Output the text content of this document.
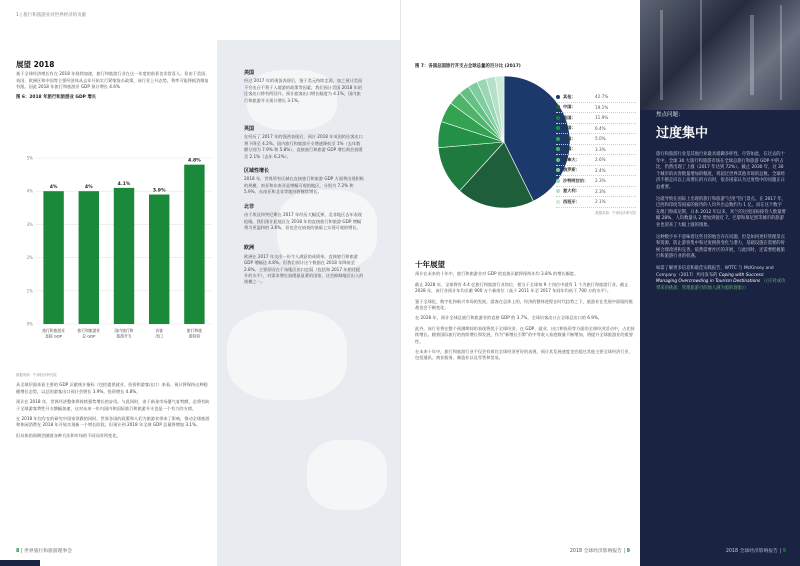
1 | 旅行和旅游业对世界经济的贡献
展望 2018

基于全球经济增长有在 2018 年持续加速，旅行和旅游行业在这一年度的前景也非常喜人。但由于美国、英国、欧洲区和中国等主要经济体从去年开始实行紧缩货币政策，该行业上升态势。利率可能将抵消维复有限。因此 2018 年旅行和旅游业 GDP 预计增长 4.6%

图 6：2018 年旅行和旅游业 GDP 增长
0%
1%
2%
3%
4%
5%
4%
旅行和旅游业
直接 GDP
4%
旅行和旅游业
总 GDP
4.1%
国内旅行和
旅游开支
3.9%
访客
出口
4.8%
旅行和旅
游投资

数据来源：牛津经济研究院

从全球层面来看主要的 GDP 贡献统计指标（包括提供就业、投资和游客出口）来看。预计将保持这种稳健增长态势，以总的游客出口预计会增长 3.9%，投资增长 4.8%。

预计在 2018 年，世界经济整体将持续强势增长的步伐。与此同时，由于新金市场暴气复特额，必将有助于全球游客费性开支额幅加速，这对未来一年内国内和国际旅行和旅游开支也是一个有力的支撑。

在 2018 年包存在的研究中国家领跌的同时，世界各国的政策和人们为旅游业带来了影响，推动全球旅游和休闲消费在 2018 年开始实现新一个增长阶段。但预计到 2018 年全球 GDP 总量将增加 3.1%。

但具体的预期会随着各种方法和市场的不同而有所变化。

美国

经过 2017 年的现货表现后，鉴于美元持续走弱，加之预计美国不会出台不利于入境游的政策等因素，我们预计美国 2018 年的还客出口将有所回升。预计旅客出口增长幅度为 4.1%，国内旅行和旅游开支预计增长 3.1%。

英国

在经历了 2017 年的强劲表现后，预计 2018 年英国的还客出口将下降至 4.2%。国内旅行和旅游开支增速降低至 1%（去年数额分别为 7.9% 和 5.8%），直接旅行和旅游 GDP 增长则会放缓至 2.1%（去年 6.2%）。

区域性增长

2018 年，世界所有区域在直接旅行和旅游 GDP 方面将出现积极的规模，南亚和东南亚是增幅可观的地区，分别为 7.2% 和 5.9%，东南亚和北非等地则将继续增长。

北非

由于埃及和突尼斯在 2017 年经历大幅反弹，北非地区去年表现抢眼。我们预计此地区在 2018 年的直接旅行和旅游 GDP 增幅将为更温和的 3.6%，但也会在较低的基础上实现可观的增长。

欧洲

欧洲在 2017 年交出一份令人满意的成绩单。直接旅行和旅游 GDP 增幅达 4.8%。但我们预计这个数据在 2018 年降低至 2.8%。主要原因在于该地区出口走弱（包括和 2017 年相比提升的水平），对需求增长放缓最显著的国家，这会抑制地区出入的规模之一。

8 | 世界旅行和旅游理事会
图 7：各国总国旅行开支占全球总量的百分比 (2017)
十年展望

预计在未来的十年中，旅行和旅游业对 GDP 的直接贡献将保持年均 3.8% 的增长幅度。

截止 2028 年，全球将有 4.4 亿旅行和旅游行业岗位，相当于全球每 9 个岗位中就有 1 个为旅行和旅游行业。截止 2028 年，该行业预计年均贡献 900 万个新岗位（高于 2011 年至 2017 年间年均低于 700 万的水平）。

鉴于全球化、数字化和新兴市场的发展，游客在总体上的，经济的整体进程在时代趋势之下，旅游业在发展中面临的挑战也会不断变化。

在 2028 年，预计全球总旅行和旅游业的直接 GDP 的 3.7%，全球访客出口占全球总出口的 6.9%。

此外，该行业将在整个预测期间的表现将优于全球经济，在 GDP、就业、出口和投资等方面的全球经济活动中，占比持续增长。随着国际旅行的持续增长和发展，作为“新增长引擎”的中等收入家庭数量不断增加，将提升全球旅游业的重要性。

在未来十年中，旅行和旅游行业不仅会有着比全球经济更好的表现，预计其发展速度也会超过其他主要全球经济行业，包括通讯、商业服务、制造业以及零售和贸易。

2018 全球经济影响报告 | 9
其他：	42.7%
中国：	19.1%
美国：	11.9%
德国：	6.4%
英国：	5.0%
法国：	3.3%
加拿大：	2.6%
俄罗斯：	2.4%
沙特阿拉伯：	2.3%
意大利：	2.3%
西班牙：	2.1%

数据来源：牛津经济研究院

焦点问题：
过度集中

旅行和旅游行业是其他行业最具抵御多样性。尽管如此，在过去的十年中，全球 30 大旅行和旅游市场在全球总旅行和旅游 GDP 中的占比，仍然出现了上涨（2017 年达到 72%）。截止 2030 年，这 30 个城市的访客数量增加的幅度，将超过世界其他市场的总数。全球经济不断走向以上高增长的方向时，很多国家认为过度集中的问题正日益重要。

这就导致在国际上出现的旅行和旅游“过度”热门景点。在 2017 年，巴西和印度等国家的接待的人均外出总数约为 1 亿，而在这个数字在澳门和威尼斯，日本 2012 年以来，米兰的过度国际接待人数量增幅 28%，人均数量从 2 增加到接近 7。巴黎和慕尼黑等城市的旅游业也迎来了大幅上涨的现象。

这种数字并不意味着这些目的地会存在问题，但是如何更好管理景点和资源、防止游客集中和过度拥挤变化与潜力，基础设施在需要的时候合理改进和完善，依然需要社区的开展，与此同时，还需要把握旅行和旅游行业的机遇。

如需了解更多信息和最佳实践报告，WTTC 与 McKinsey and Company（2017）共同发布的 Coping with Success: Managing Overcrowding in Tourism Destinations （《应对成功带来的挑战：管理旅游目的地人满为患的现象》）

2018 全球经济影响报告 | 9
